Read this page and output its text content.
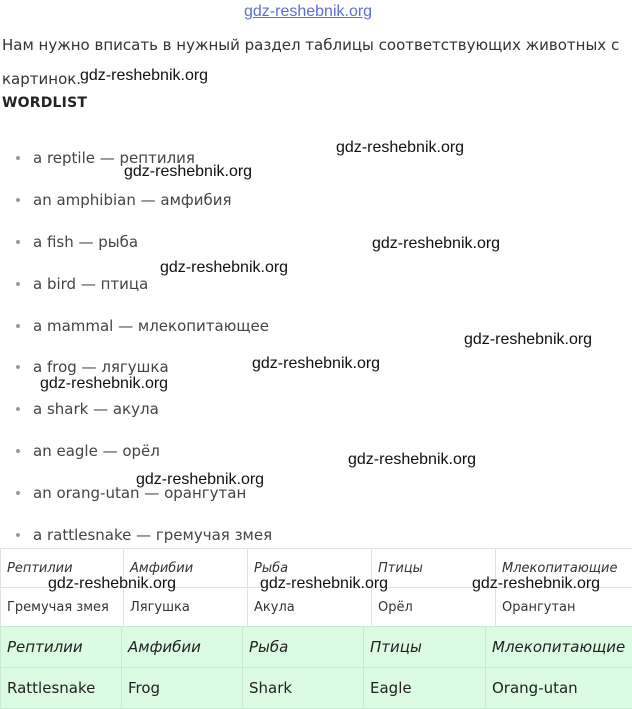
gdz-reshebnik.org

Нам нужно вписать в нужный раздел таблицы соответствующих животных с
картинок.

gdz-reshebnik.org
WORDLIST
a reptile — рептилия
an amphibian — амфибия
a fish — рыба
a bird — птица
a mammal — млекопитающее
a frog — лягушка
a shark — акула
an eagle — орёл
an orang-utan — орангутан
a rattlesnake — гремучая змея
gdz-reshebnik.org
gdz-reshebnik.org
gdz-reshebnik.org
gdz-reshebnik.org
gdz-reshebnik.org
gdz-reshebnik.org
gdz-reshebnik.org
gdz-reshebnik.org
gdz-reshebnik.org
Рептилии	Амфибии	Рыба	Птицы	Млекопитающие
Гремучая змея	Лягушка	Акула	Орёл	Орангутан
gdz-reshebnik.org	gdz-reshebnik.org	gdz-reshebnik.org
Рептилии	Амфибии	Рыба	Птицы	Млекопитающие
Rattlesnake	Frog	Shark	Eagle	Orang-utan
